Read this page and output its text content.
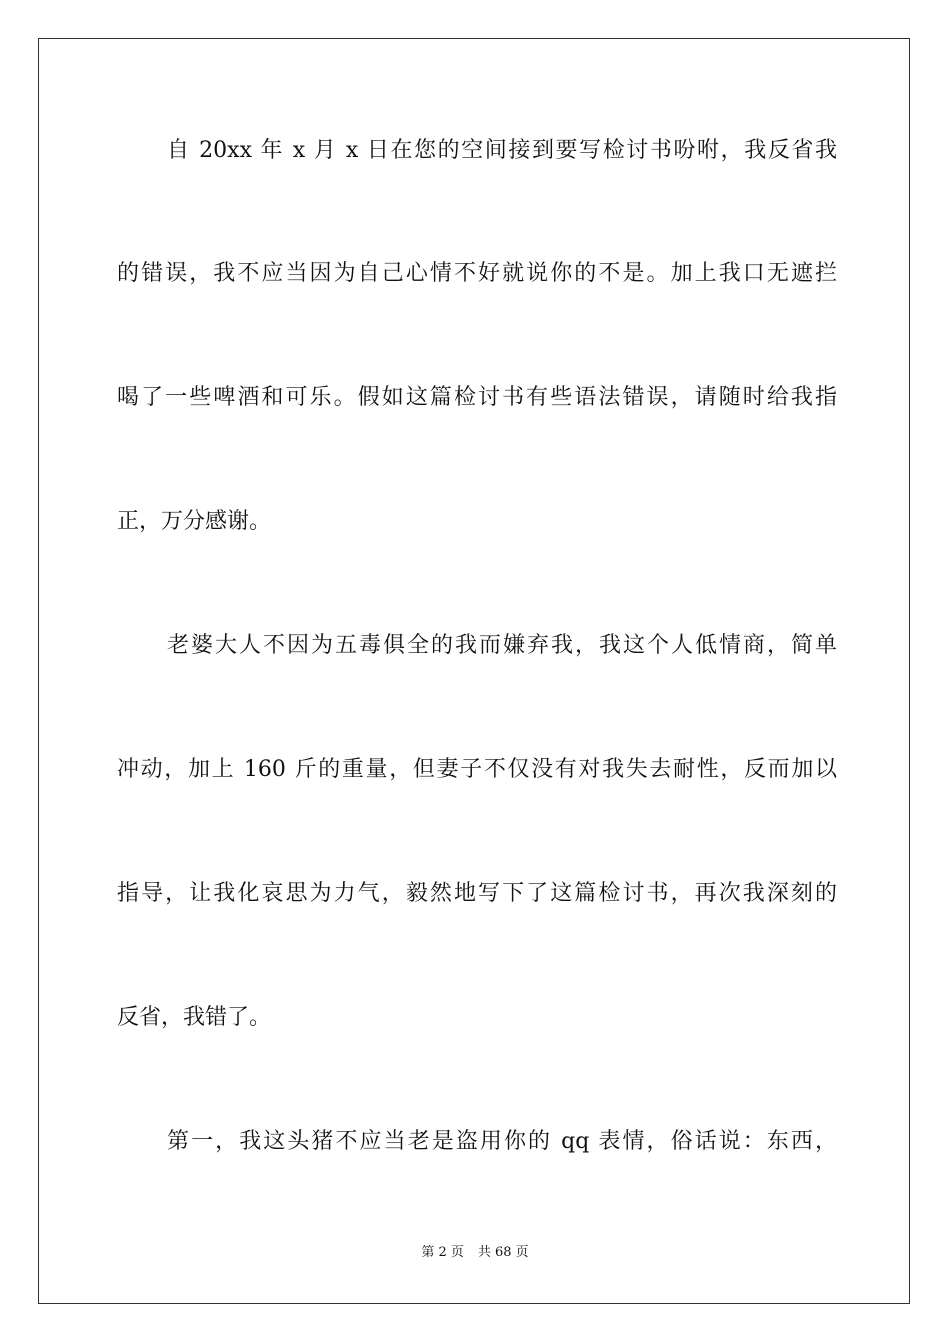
自 20xx 年 x 月 x 日在您的空间接到要写检讨书吩咐，我反省我
的错误，我不应当因为自己心情不好就说你的不是。加上我口无遮拦
喝了一些啤酒和可乐。假如这篇检讨书有些语法错误，请随时给我指
正，万分感谢。
老婆大人不因为五毒俱全的我而嫌弃我，我这个人低情商，简单
冲动，加上 160 斤的重量，但妻子不仅没有对我失去耐性，反而加以
指导，让我化哀思为力气，毅然地写下了这篇检讨书，再次我深刻的
反省，我错了。
第一，我这头猪不应当老是盗用你的 qq 表情，俗话说：东西，
第 2 页 共 68 页
